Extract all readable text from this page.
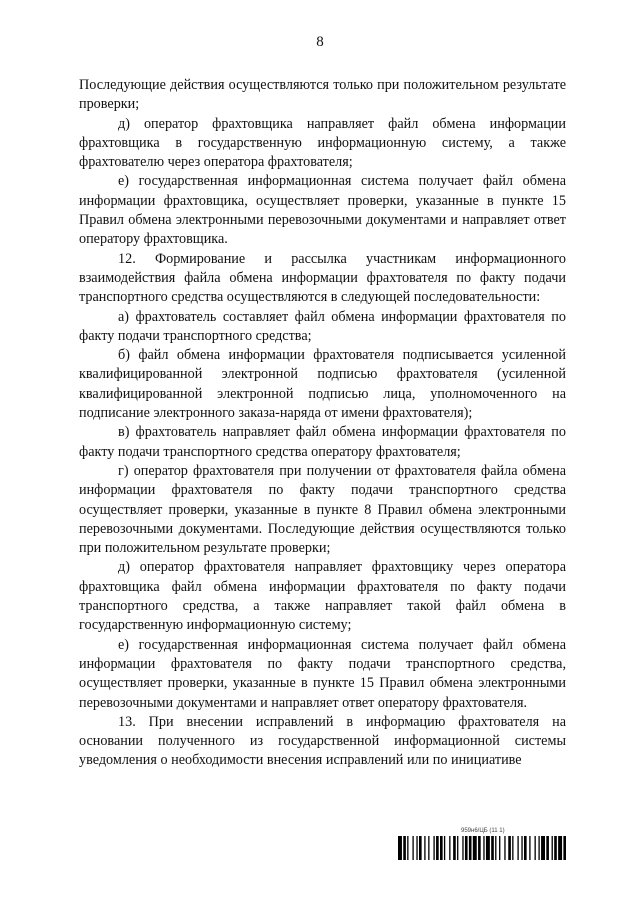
8

Последующие действия осуществляются только при положительном результате проверки;

д) оператор фрахтовщика направляет файл обмена информации фрахтовщика в государственную информационную систему, а также фрахтователю через оператора фрахтователя;

е) государственная информационная система получает файл обмена информации фрахтовщика, осуществляет проверки, указанные в пункте 15 Правил обмена электронными перевозочными документами и направляет ответ оператору фрахтовщика.

12. Формирование и рассылка участникам информационного взаимодействия файла обмена информации фрахтователя по факту подачи транспортного средства осуществляются в следующей последовательности:

а) фрахтователь составляет файл обмена информации фрахтователя по факту подачи транспортного средства;

б) файл обмена информации фрахтователя подписывается усиленной квалифицированной электронной подписью фрахтователя (усиленной квалифицированной электронной подписью лица, уполномоченного на подписание электронного заказа-наряда от имени фрахтователя);

в) фрахтователь направляет файл обмена информации фрахтователя по факту подачи транспортного средства оператору фрахтователя;

г) оператор фрахтователя при получении от фрахтователя файла обмена информации фрахтователя по факту подачи транспортного средства осуществляет проверки, указанные в пункте 8 Правил обмена электронными перевозочными документами. Последующие действия осуществляются только при положительном результате проверки;

д) оператор фрахтователя направляет фрахтовщику через оператора фрахтовщика файл обмена информации фрахтователя по факту подачи транспортного средства, а также направляет такой файл обмена в государственную информационную систему;

е) государственная информационная система получает файл обмена информации фрахтователя по факту подачи транспортного средства, осуществляет проверки, указанные в пункте 15 Правил обмена электронными перевозочными документами и направляет ответ оператору фрахтователя.

13. При внесении исправлений в информацию фрахтователя на основании полученного из государственной информационной системы уведомления о необходимости внесения исправлений или по инициативе

959н6/ЦБ (11 1)
